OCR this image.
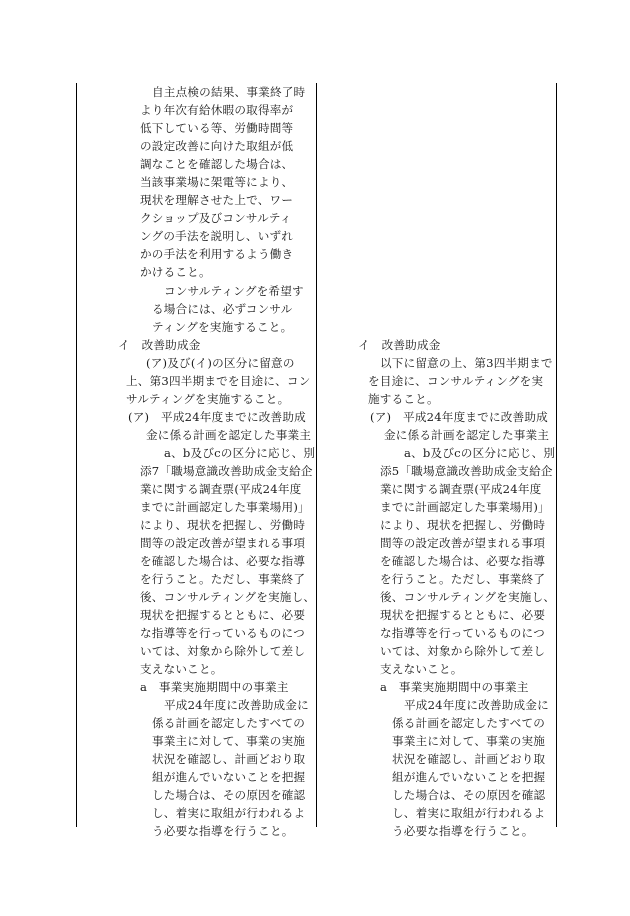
自主点検の結果、事業終了時
より年次有給休暇の取得率が
低下している等、労働時間等
の設定改善に向けた取組が低
調なことを確認した場合は、
当該事業場に架電等により、
現状を理解させた上で、ワー
クショップ及びコンサルティ
ングの手法を説明し、いずれ
かの手法を利用するよう働き
かけること。
コンサルティングを希望す
る場合には、必ずコンサル
ティングを実施すること。
イ　改善助成金
(ア)及び(イ)の区分に留意の
上、第3四半期までを目途に、コン
サルティングを実施すること。
(ア)　平成24年度までに改善助成
金に係る計画を認定した事業主
a、b及びcの区分に応じ、別
添7「職場意識改善助成金支給企
業に関する調査票(平成24年度
までに計画認定した事業場用)」
により、現状を把握し、労働時
間等の設定改善が望まれる事項
を確認した場合は、必要な指導
を行うこと。ただし、事業終了
後、コンサルティングを実施し、
現状を把握するとともに、必要
な指導等を行っているものにつ
いては、対象から除外して差し
支えないこと。
a　事業実施期間中の事業主
平成24年度に改善助成金に
係る計画を認定したすべての
事業主に対して、事業の実施
状況を確認し、計画どおり取
組が進んでいないことを把握
した場合は、その原因を確認
し、着実に取組が行われるよ
う必要な指導を行うこと。
イ　改善助成金
以下に留意の上、第3四半期まで
を目途に、コンサルティングを実
施すること。
(ア)　平成24年度までに改善助成
金に係る計画を認定した事業主
a、b及びcの区分に応じ、別
添5「職場意識改善助成金支給企
業に関する調査票(平成24年度
までに計画認定した事業場用)」
により、現状を把握し、労働時
間等の設定改善が望まれる事項
を確認した場合は、必要な指導
を行うこと。ただし、事業終了
後、コンサルティングを実施し、
現状を把握するとともに、必要
な指導等を行っているものにつ
いては、対象から除外して差し
支えないこと。
a　事業実施期間中の事業主
平成24年度に改善助成金に
係る計画を認定したすべての
事業主に対して、事業の実施
状況を確認し、計画どおり取
組が進んでいないことを把握
した場合は、その原因を確認
し、着実に取組が行われるよ
う必要な指導を行うこと。
